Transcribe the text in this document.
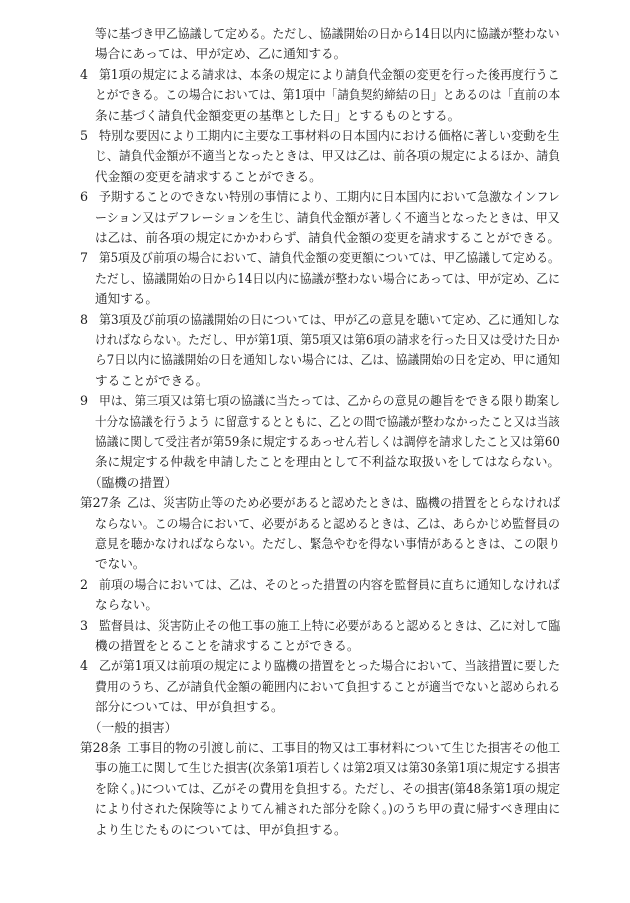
等に基づき甲乙協議して定める。ただし、協議開始の日から14日以内に協議が整わない
場合にあっては、甲が定め、乙に通知する。
4 第1項の規定による請求は、本条の規定により請負代金額の変更を行った後再度行うこ
とができる。この場合においては、第1項中「請負契約締結の日」とあるのは「直前の本
条に基づく請負代金額変更の基準とした日」とするものとする。
5 特別な要因により工期内に主要な工事材料の日本国内における価格に著しい変動を生
じ、請負代金額が不適当となったときは、甲又は乙は、前各項の規定によるほか、請負
代金額の変更を請求することができる。
6 予期することのできない特別の事情により、工期内に日本国内において急激なインフレ
ーション又はデフレーションを生じ、請負代金額が著しく不適当となったときは、甲又
は乙は、前各項の規定にかかわらず、請負代金額の変更を請求することができる。
7 第5項及び前項の場合において、請負代金額の変更額については、甲乙協議して定める。
ただし、協議開始の日から14日以内に協議が整わない場合にあっては、甲が定め、乙に
通知する。
8 第3項及び前項の協議開始の日については、甲が乙の意見を聴いて定め、乙に通知しな
ければならない。ただし、甲が第1項、第5項又は第6項の請求を行った日又は受けた日か
ら7日以内に協議開始の日を通知しない場合には、乙は、協議開始の日を定め、甲に通知
することができる。
9 甲は、第三項又は第七項の協議に当たっては、乙からの意見の趣旨をできる限り勘案し
十分な協議を行うよう に留意するとともに、乙との間で協議が整わなかったこと又は当該
協議に関して受注者が第59条に規定するあっせん若しくは調停を請求したこと又は第60
条に規定する仲裁を申請したことを理由として不利益な取扱いをしてはならない。
（臨機の措置）
第27条 乙は、災害防止等のため必要があると認めたときは、臨機の措置をとらなければ
ならない。この場合において、必要があると認めるときは、乙は、あらかじめ監督員の
意見を聴かなければならない。ただし、緊急やむを得ない事情があるときは、この限り
でない。
2 前項の場合においては、乙は、そのとった措置の内容を監督員に直ちに通知しなければ
ならない。
3 監督員は、災害防止その他工事の施工上特に必要があると認めるときは、乙に対して臨
機の措置をとることを請求することができる。
4 乙が第1項又は前項の規定により臨機の措置をとった場合において、当該措置に要した
費用のうち、乙が請負代金額の範囲内において負担することが適当でないと認められる
部分については、甲が負担する。
（一般的損害）
第28条 工事目的物の引渡し前に、工事目的物又は工事材料について生じた損害その他工
事の施工に関して生じた損害(次条第1項若しくは第2項又は第30条第1項に規定する損害
を除く。)については、乙がその費用を負担する。ただし、その損害(第48条第1項の規定
により付された保険等によりてん補された部分を除く。)のうち甲の責に帰すべき理由に
より生じたものについては、甲が負担する。
